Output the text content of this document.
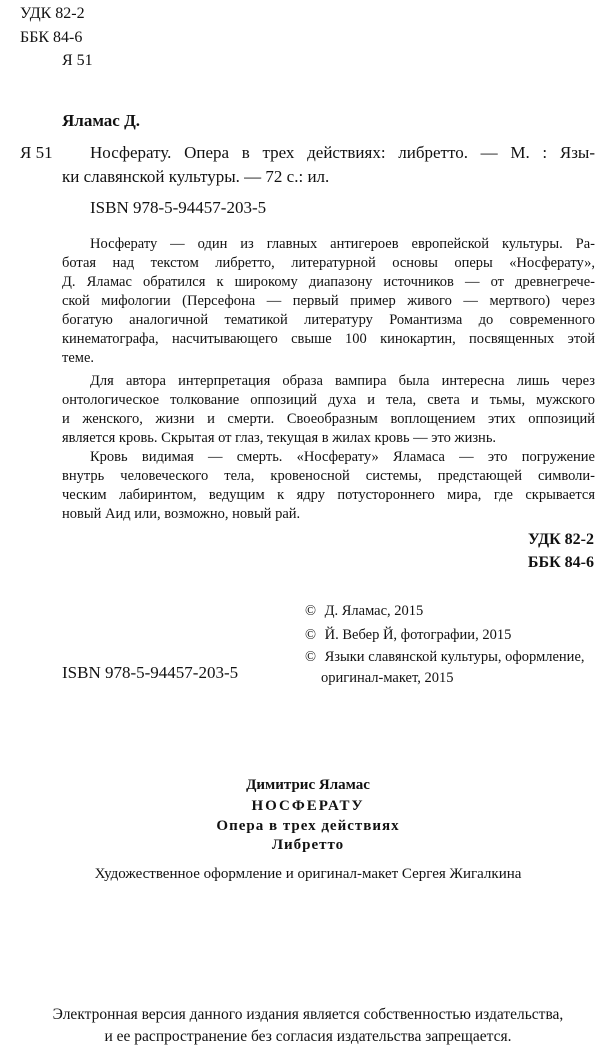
УДК 82-2
ББК 84-6
Я 51
Яламас Д.
Я 51 Носферату. Опера в трех действиях: либретто. — М. : Язы-
ки славянской культуры. — 72 с.: ил.
ISBN 978-5-94457-203-5
Носферату — один из главных антигероев европейской культуры. Ра-
ботая над текстом либретто, литературной основы оперы «Носферату»,
Д. Яламас обратился к широкому диапазону источников — от древнегрече-
ской мифологии (Персефона — первый пример живого — мертвого) через
богатую аналогичной тематикой литературу Романтизма до современного
кинематографа, насчитывающего свыше 100 кинокартин, посвященных этой
теме.
Для автора интерпретация образа вампира была интересна лишь через
онтологическое толкование оппозиций духа и тела, света и тьмы, мужского
и женского, жизни и смерти. Своеобразным воплощением этих оппозиций
является кровь. Скрытая от глаз, текущая в жилах кровь — это жизнь.
Кровь видимая — смерть. «Носферату» Яламаса — это погружение
внутрь человеческого тела, кровеносной системы, предстающей символи-
ческим лабиринтом, ведущим к ядру потустороннего мира, где скрывается
новый Аид или, возможно, новый рай.
УДК 82-2
ББК 84-6
© Д. Яламас, 2015
© Й. Вебер Й, фотографии, 2015
© Языки славянской культуры, оформление,
оригинал-макет, 2015
ISBN 978-5-94457-203-5
Димитрис Яламас
НОСФЕРАТУ
Опера в трех действиях
Либретто
Художественное оформление и оригинал-макет Сергея Жигалкина
Электронная версия данного издания является собственностью издательства,
и ее распространение без согласия издательства запрещается.
